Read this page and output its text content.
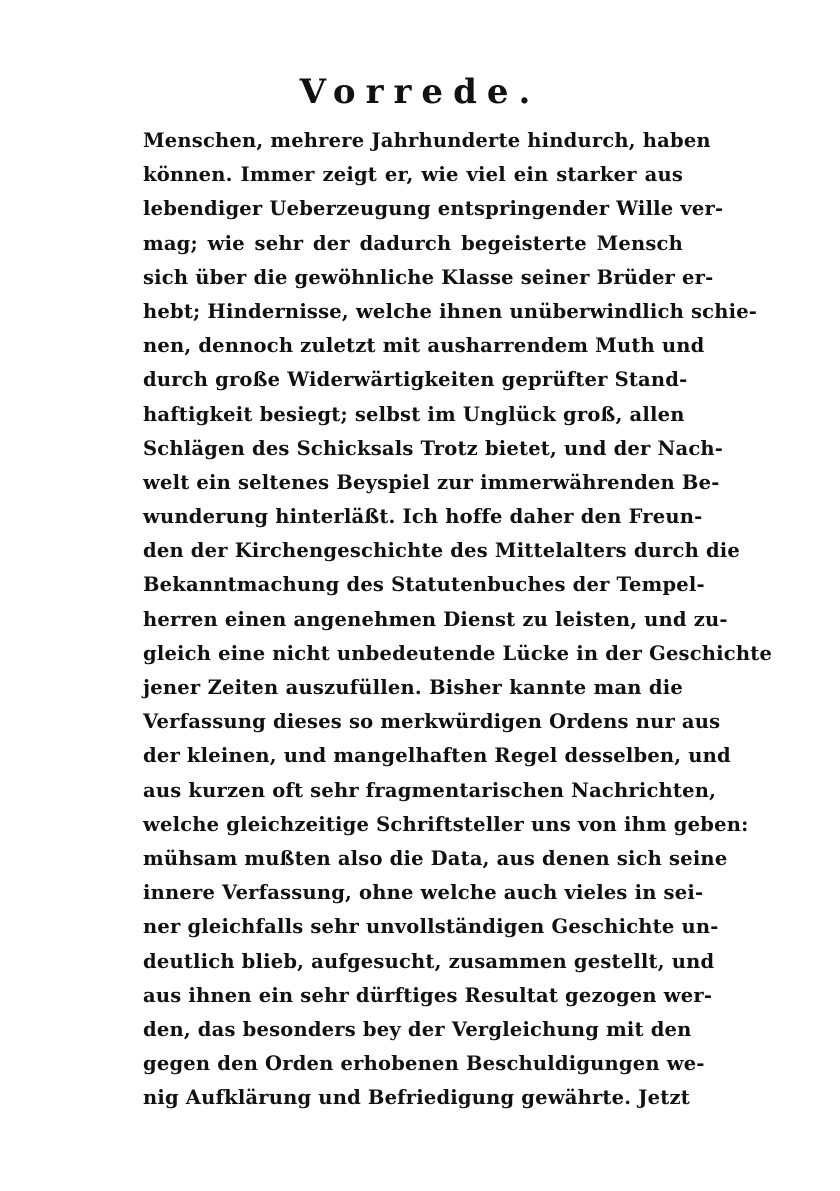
Vorrede.
Menschen, mehrere Jahrhunderte hindurch, haben
können. Immer zeigt er, wie viel ein starker aus
lebendiger Ueberzeugung entspringender Wille ver-
mag; wie sehr der dadurch begeisterte Mensch
sich über die gewöhnliche Klasse seiner Brüder er-
hebt; Hindernisse, welche ihnen unüberwindlich schie-
nen, dennoch zuletzt mit ausharrendem Muth und
durch große Widerwärtigkeiten geprüfter Stand-
haftigkeit besiegt; selbst im Unglück groß, allen
Schlägen des Schicksals Trotz bietet, und der Nach-
welt ein seltenes Beyspiel zur immerwährenden Be-
wunderung hinterläßt. Ich hoffe daher den Freun-
den der Kirchengeschichte des Mittelalters durch die
Bekanntmachung des Statutenbuches der Tempel-
herren einen angenehmen Dienst zu leisten, und zu-
gleich eine nicht unbedeutende Lücke in der Geschichte
jener Zeiten auszufüllen. Bisher kannte man die
Verfassung dieses so merkwürdigen Ordens nur aus
der kleinen, und mangelhaften Regel desselben, und
aus kurzen oft sehr fragmentarischen Nachrichten,
welche gleichzeitige Schriftsteller uns von ihm geben:
mühsam mußten also die Data, aus denen sich seine
innere Verfassung, ohne welche auch vieles in sei-
ner gleichfalls sehr unvollständigen Geschichte un-
deutlich blieb, aufgesucht, zusammen gestellt, und
aus ihnen ein sehr dürftiges Resultat gezogen wer-
den, das besonders bey der Vergleichung mit den
gegen den Orden erhobenen Beschuldigungen we-
nig Aufklärung und Befriedigung gewährte. Jetzt
